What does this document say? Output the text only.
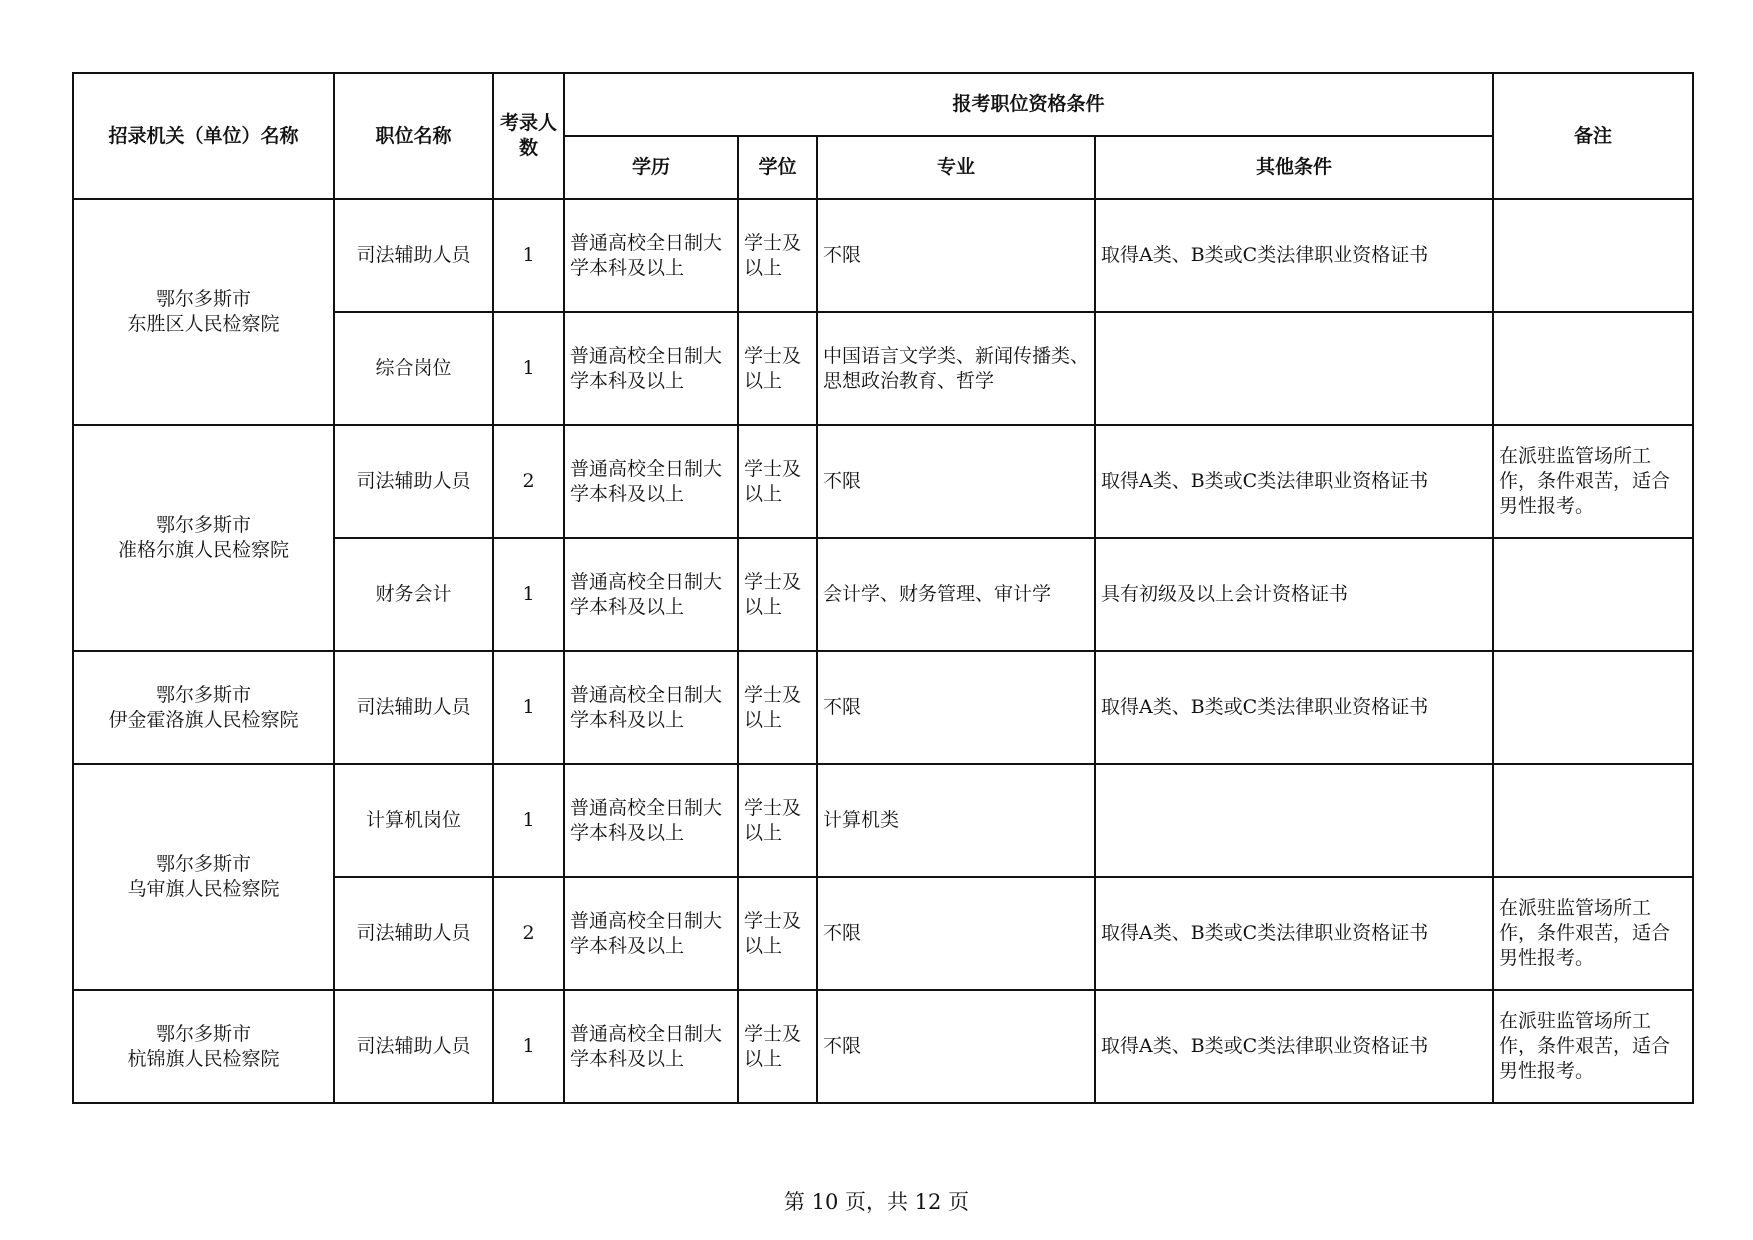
招录机关（单位）名称	职位名称	考录人数	报考职位资格条件				备注
			学历	学位	专业	其他条件	

鄂尔多斯市
东胜区人民检察院	司法辅助人员	1	普通高校全日制大学本科及以上	学士及以上	不限	取得A类、B类或C类法律职业资格证书	
	综合岗位	1	普通高校全日制大学本科及以上	学士及以上	中国语言文学类、新闻传播类、思想政治教育、哲学		

鄂尔多斯市
准格尔旗人民检察院	司法辅助人员	2	普通高校全日制大学本科及以上	学士及以上	不限	取得A类、B类或C类法律职业资格证书	在派驻监管场所工作，条件艰苦，适合男性报考。
	财务会计	1	普通高校全日制大学本科及以上	学士及以上	会计学、财务管理、审计学	具有初级及以上会计资格证书	

鄂尔多斯市
伊金霍洛旗人民检察院	司法辅助人员	1	普通高校全日制大学本科及以上	学士及以上	不限	取得A类、B类或C类法律职业资格证书	

鄂尔多斯市
乌审旗人民检察院	计算机岗位	1	普通高校全日制大学本科及以上	学士及以上	计算机类		
	司法辅助人员	2	普通高校全日制大学本科及以上	学士及以上	不限	取得A类、B类或C类法律职业资格证书	在派驻监管场所工作，条件艰苦，适合男性报考。

鄂尔多斯市
杭锦旗人民检察院	司法辅助人员	1	普通高校全日制大学本科及以上	学士及以上	不限	取得A类、B类或C类法律职业资格证书	在派驻监管场所工作，条件艰苦，适合男性报考。
第 10 页，共 12 页
